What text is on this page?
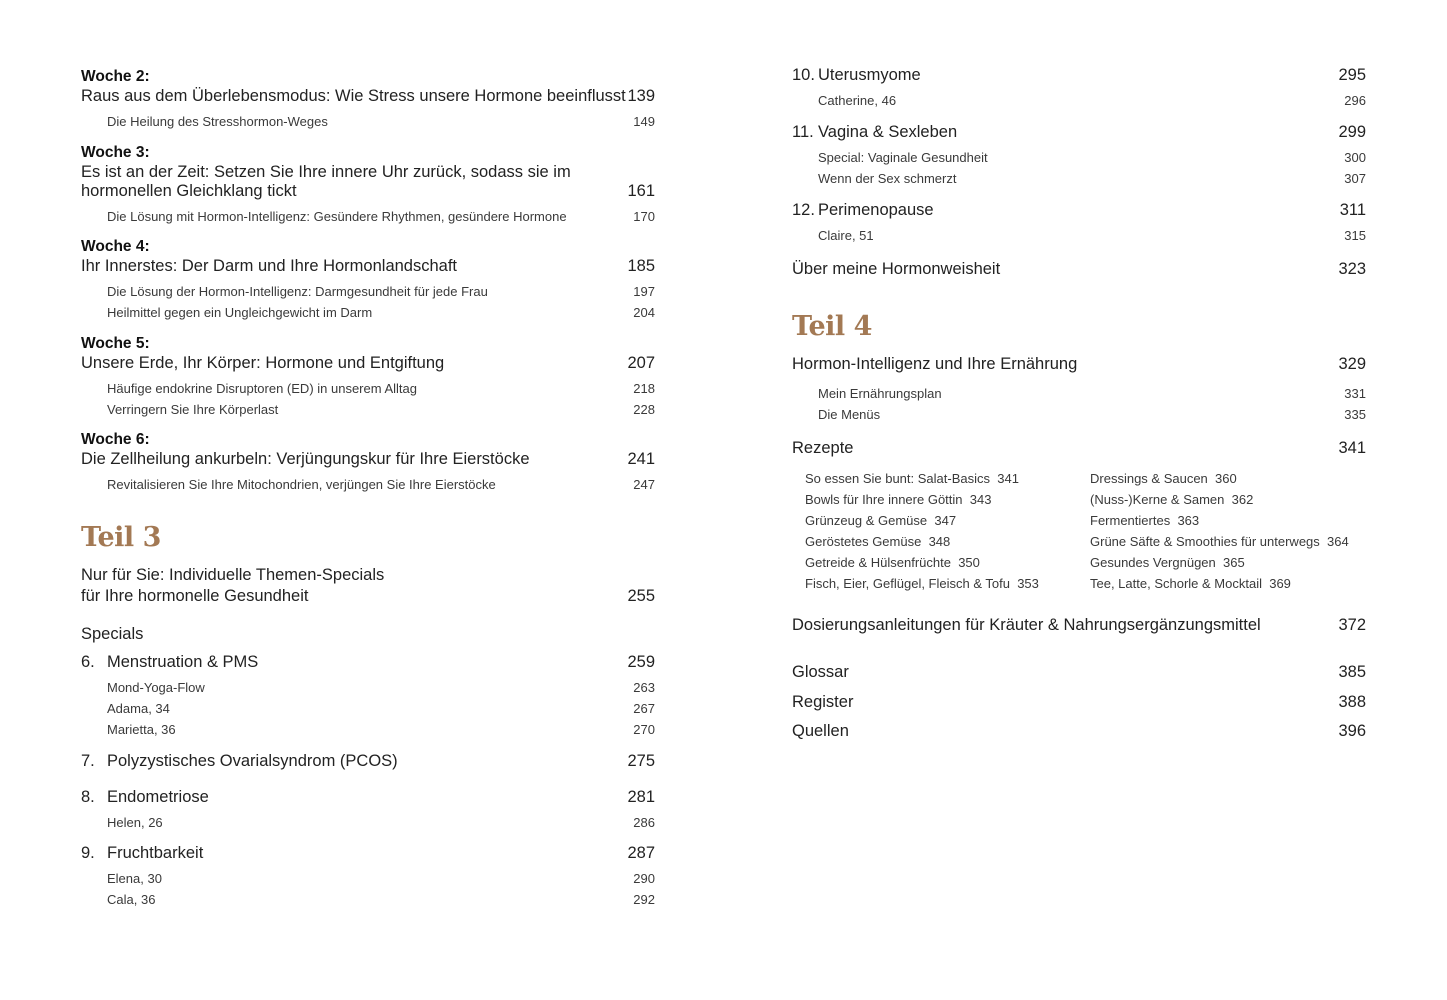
Woche 2:
Raus aus dem Überlebensmodus: Wie Stress unsere Hormone beeinflusst 139
Die Heilung des Stresshormon-Weges	149
Woche 3:
Es ist an der Zeit: Setzen Sie Ihre innere Uhr zurück, sodass sie im
hormonellen Gleichklang tickt	161
Die Lösung mit Hormon-Intelligenz: Gesündere Rhythmen, gesündere Hormone	170
Woche 4:
Ihr Innerstes: Der Darm und Ihre Hormonlandschaft	185
Die Lösung der Hormon-Intelligenz: Darmgesundheit für jede Frau	197
Heilmittel gegen ein Ungleichgewicht im Darm	204
Woche 5:
Unsere Erde, Ihr Körper: Hormone und Entgiftung	207
Häufige endokrine Disruptoren (ED) in unserem Alltag	218
Verringern Sie Ihre Körperlast	228
Woche 6:
Die Zellheilung ankurbeln: Verjüngungskur für Ihre Eierstöcke	241
Revitalisieren Sie Ihre Mitochondrien, verjüngen Sie Ihre Eierstöcke	247
Teil 3
Nur für Sie: Individuelle Themen-Specials
für Ihre hormonelle Gesundheit	255
Specials
6. Menstruation & PMS	259
Mond-Yoga-Flow	263
Adama, 34	267
Marietta, 36	270
7. Polyzystisches Ovarialsyndrom (PCOS)	275
8. Endometriose	281
Helen, 26	286
9. Fruchtbarkeit	287
Elena, 30	290
Cala, 36	292
10. Uterusmyome	295
Catherine, 46	296
11. Vagina & Sexleben	299
Special: Vaginale Gesundheit	300
Wenn der Sex schmerzt	307
12. Perimenopause	311
Claire, 51	315
Über meine Hormonweisheit	323
Teil 4
Hormon-Intelligenz und Ihre Ernährung	329
Mein Ernährungsplan	331
Die Menüs	335
Rezepte	341
So essen Sie bunt: Salat-Basics 341
Bowls für Ihre innere Göttin 343
Grünzeug & Gemüse 347
Geröstetes Gemüse 348
Getreide & Hülsenfrüchte 350
Fisch, Eier, Geflügel, Fleisch & Tofu 353
Dressings & Saucen 360
(Nuss-)Kerne & Samen 362
Fermentiertes 363
Grüne Säfte & Smoothies für unterwegs 364
Gesundes Vergnügen 365
Tee, Latte, Schorle & Mocktail 369
Dosierungsanleitungen für Kräuter & Nahrungsergänzungsmittel	372
Glossar	385
Register	388
Quellen	396
